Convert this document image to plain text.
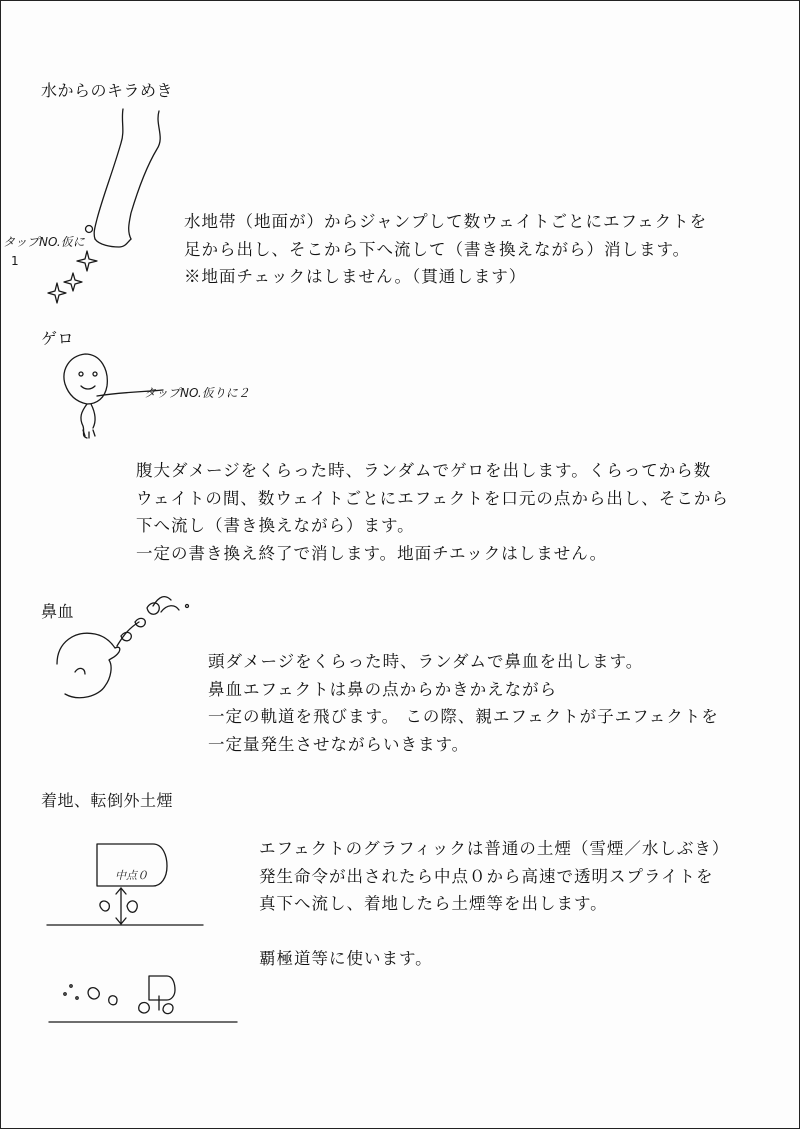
水からのキラめき
タップNO.仮に
1
水地帯（地面が）からジャンプして数ウェイトごとにエフェクトを
足から出し、そこから下へ流して（書き換えながら）消します。
※地面チェックはしません。（貫通します）
ゲロ
タップNO.仮りに２
腹大ダメージをくらった時、ランダムでゲロを出します。くらってから数
ウェイトの間、数ウェイトごとにエフェクトを口元の点から出し、そこから
下へ流し（書き換えながら）ます。
一定の書き換え終了で消します。地面チエックはしません。
鼻血
頭ダメージをくらった時、ランダムで鼻血を出します。
鼻血エフェクトは鼻の点からかきかえながら
一定の軌道を飛びます。 この際、親エフェクトが子エフェクトを
一定量発生させながらいきます。
着地、転倒外土煙
中点０
エフェクトのグラフィックは普通の土煙（雪煙／水しぶき）
発生命令が出されたら中点０から高速で透明スプライトを
真下へ流し、着地したら土煙等を出します。
覇極道等に使います。
